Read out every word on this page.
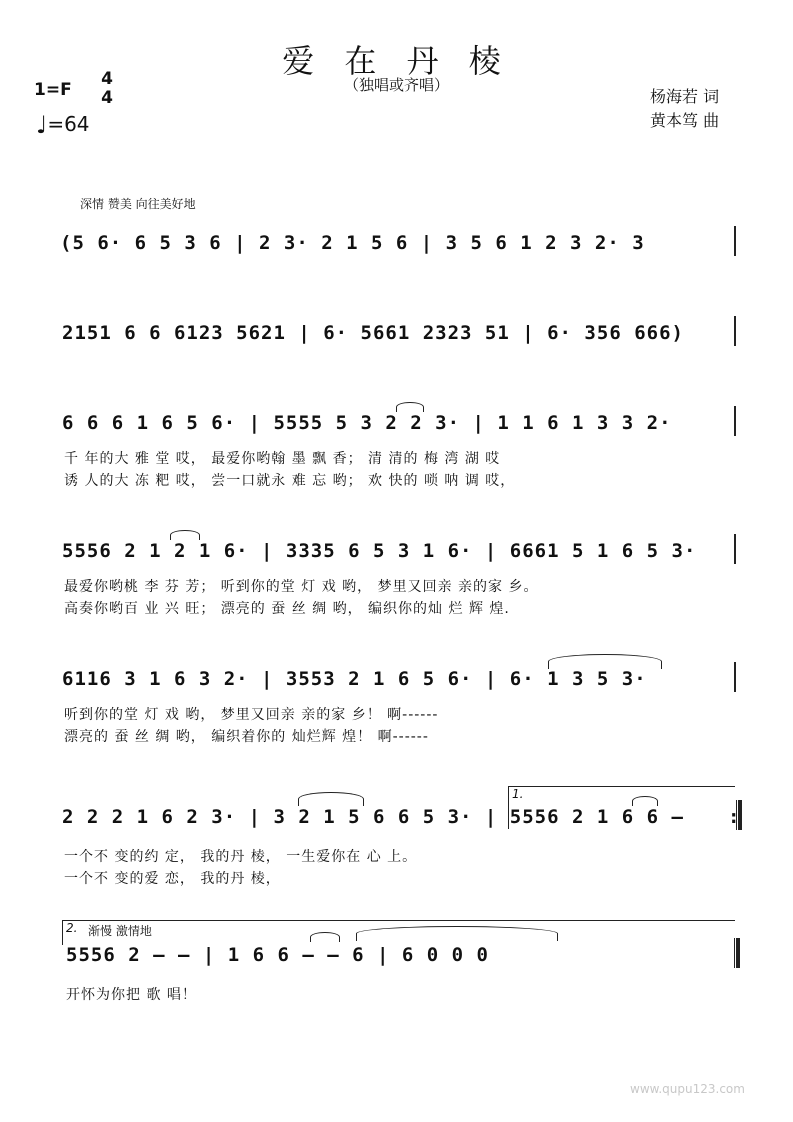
爱 在 丹 棱
（独唱或齐唱）
1=F
4
4
♩=64
杨海若 词
黄本笃 曲
深情 赞美 向往美好地
(5 6· 6 5 3 6 | 2 3· 2 1 5 6 | 3 5 6 1 2 3 2· 3
2151 6 6 6123 5621 | 6· 5661 2323 51 | 6· 356 666)
6 6 6 1 6 5 6· | 5555 5 3 2 2 3· | 1 1 6 1 3 3 2·
千 年的大 雅 堂 哎， 最爱你哟翰 墨 飘 香； 清 清的 梅 湾 湖 哎
诱 人的大 冻 粑 哎， 尝一口就永 难 忘 哟； 欢 快的 唢 呐 调 哎，
5556 2 1 2 1 6· | 3335 6 5 3 1 6· | 6661 5 1 6 5 3·
最爱你哟桃 李 芬 芳； 听到你的堂 灯 戏 哟， 梦里又回亲 亲的家 乡。
高奏你哟百 业 兴 旺； 漂亮的 蚕 丝 绸 哟， 编织你的灿 烂 辉 煌.
6116 3 1 6 3 2· | 3553 2 1 6 5 6· | 6· 1 3 5 3·
听到你的堂 灯 戏 哟， 梦里又回亲 亲的家 乡！ 啊------
漂亮的 蚕 丝 绸 哟， 编织着你的 灿烂辉 煌！ 啊------
1.
2 2 2 1 6 2 3· | 3 2 1 5 6 6 5 3· | 5556 2 1 6 6 – :
一个不 变的约 定， 我的丹 棱， 一生爱你在 心 上。
一个不 变的爱 恋， 我的丹 棱，
2. 渐慢 激情地
5556 2 – – | 1 6 6 – – 6 | 6 0 0 0
开怀为你把 歌 唱！
www.qupu123.com
